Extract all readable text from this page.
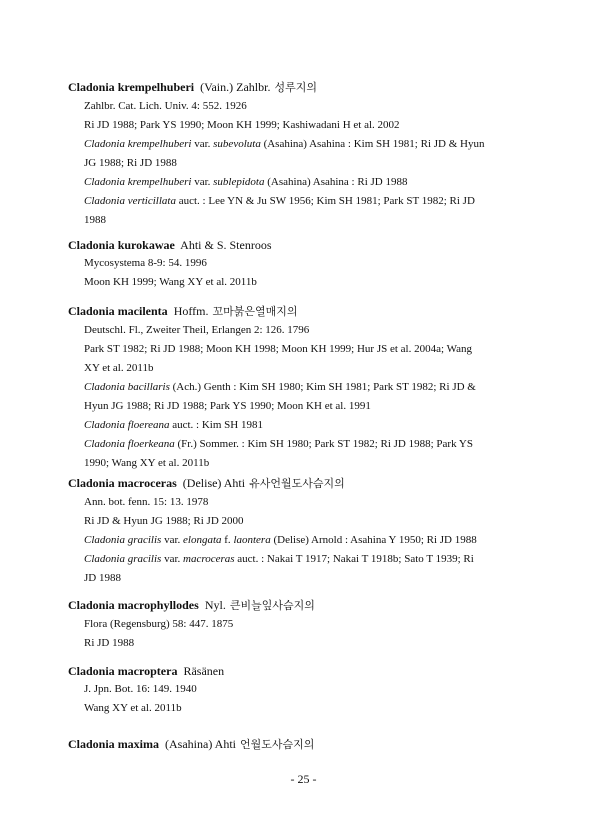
Cladonia krempelhuberi (Vain.) Zahlbr. 성루지의
Zahlbr. Cat. Lich. Univ. 4: 552. 1926
Ri JD 1988; Park YS 1990; Moon KH 1999; Kashiwadani H et al. 2002
Cladonia krempelhuberi var. subevoluta (Asahina) Asahina : Kim SH 1981; Ri JD & Hyun
JG 1988; Ri JD 1988
Cladonia krempelhuberi var. sublepidota (Asahina) Asahina : Ri JD 1988
Cladonia verticillata auct. : Lee YN & Ju SW 1956; Kim SH 1981; Park ST 1982; Ri JD
1988
Cladonia kurokawae Ahti & S. Stenroos
Mycosystema 8-9: 54. 1996
Moon KH 1999; Wang XY et al. 2011b
Cladonia macilenta Hoffm. 꼬마붉은열매지의
Deutschl. Fl., Zweiter Theil, Erlangen 2: 126. 1796
Park ST 1982; Ri JD 1988; Moon KH 1998; Moon KH 1999; Hur JS et al. 2004a; Wang
XY et al. 2011b
Cladonia bacillaris (Ach.) Genth : Kim SH 1980; Kim SH 1981; Park ST 1982; Ri JD &
Hyun JG 1988; Ri JD 1988; Park YS 1990; Moon KH et al. 1991
Cladonia floereana auct. : Kim SH 1981
Cladonia floerkeana (Fr.) Sommer. : Kim SH 1980; Park ST 1982; Ri JD 1988; Park YS
1990; Wang XY et al. 2011b
Cladonia macroceras (Delise) Ahti 유사언월도사슴지의
Ann. bot. fenn. 15: 13. 1978
Ri JD & Hyun JG 1988; Ri JD 2000
Cladonia gracilis var. elongata f. laontera (Delise) Arnold : Asahina Y 1950; Ri JD 1988
Cladonia gracilis var. macroceras auct. : Nakai T 1917; Nakai T 1918b; Sato T 1939; Ri
JD 1988
Cladonia macrophyllodes Nyl. 큰비늘잎사슴지의
Flora (Regensburg) 58: 447. 1875
Ri JD 1988
Cladonia macroptera Räsänen
J. Jpn. Bot. 16: 149. 1940
Wang XY et al. 2011b
Cladonia maxima (Asahina) Ahti 언월도사슴지의
- 25 -
